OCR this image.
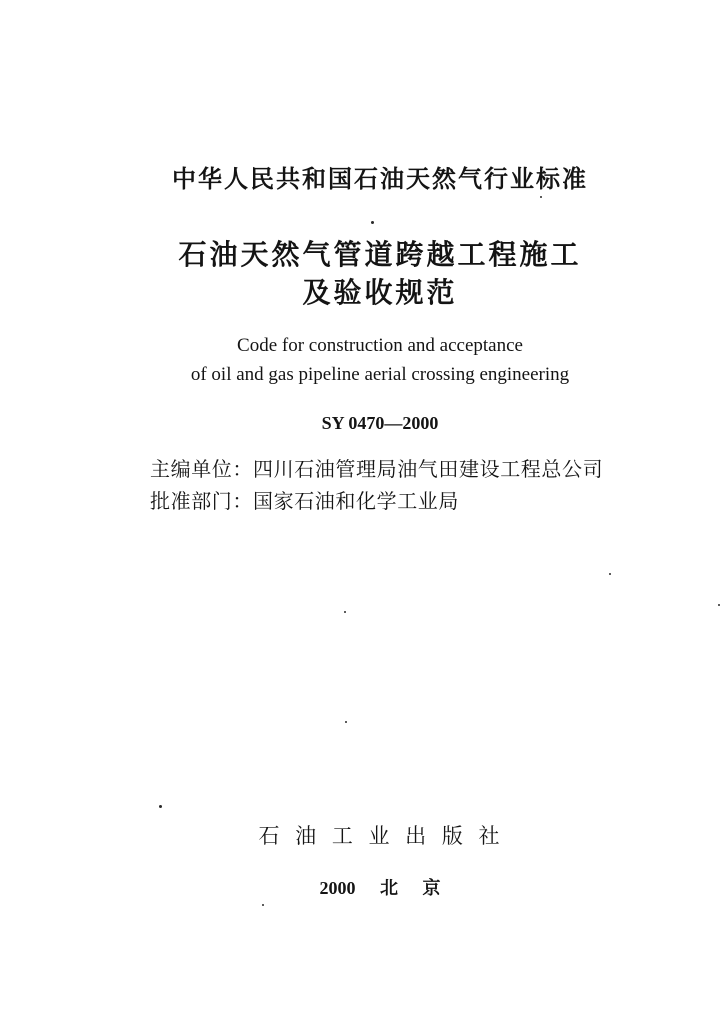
中华人民共和国石油天然气行业标准
石油天然气管道跨越工程施工
及验收规范
Code for construction and acceptance
of oil and gas pipeline aerial crossing engineering
SY 0470—2000
主编单位：四川石油管理局油气田建设工程总公司
批准部门：国家石油和化学工业局
石 油 工 业 出 版 社
2000 北 京
